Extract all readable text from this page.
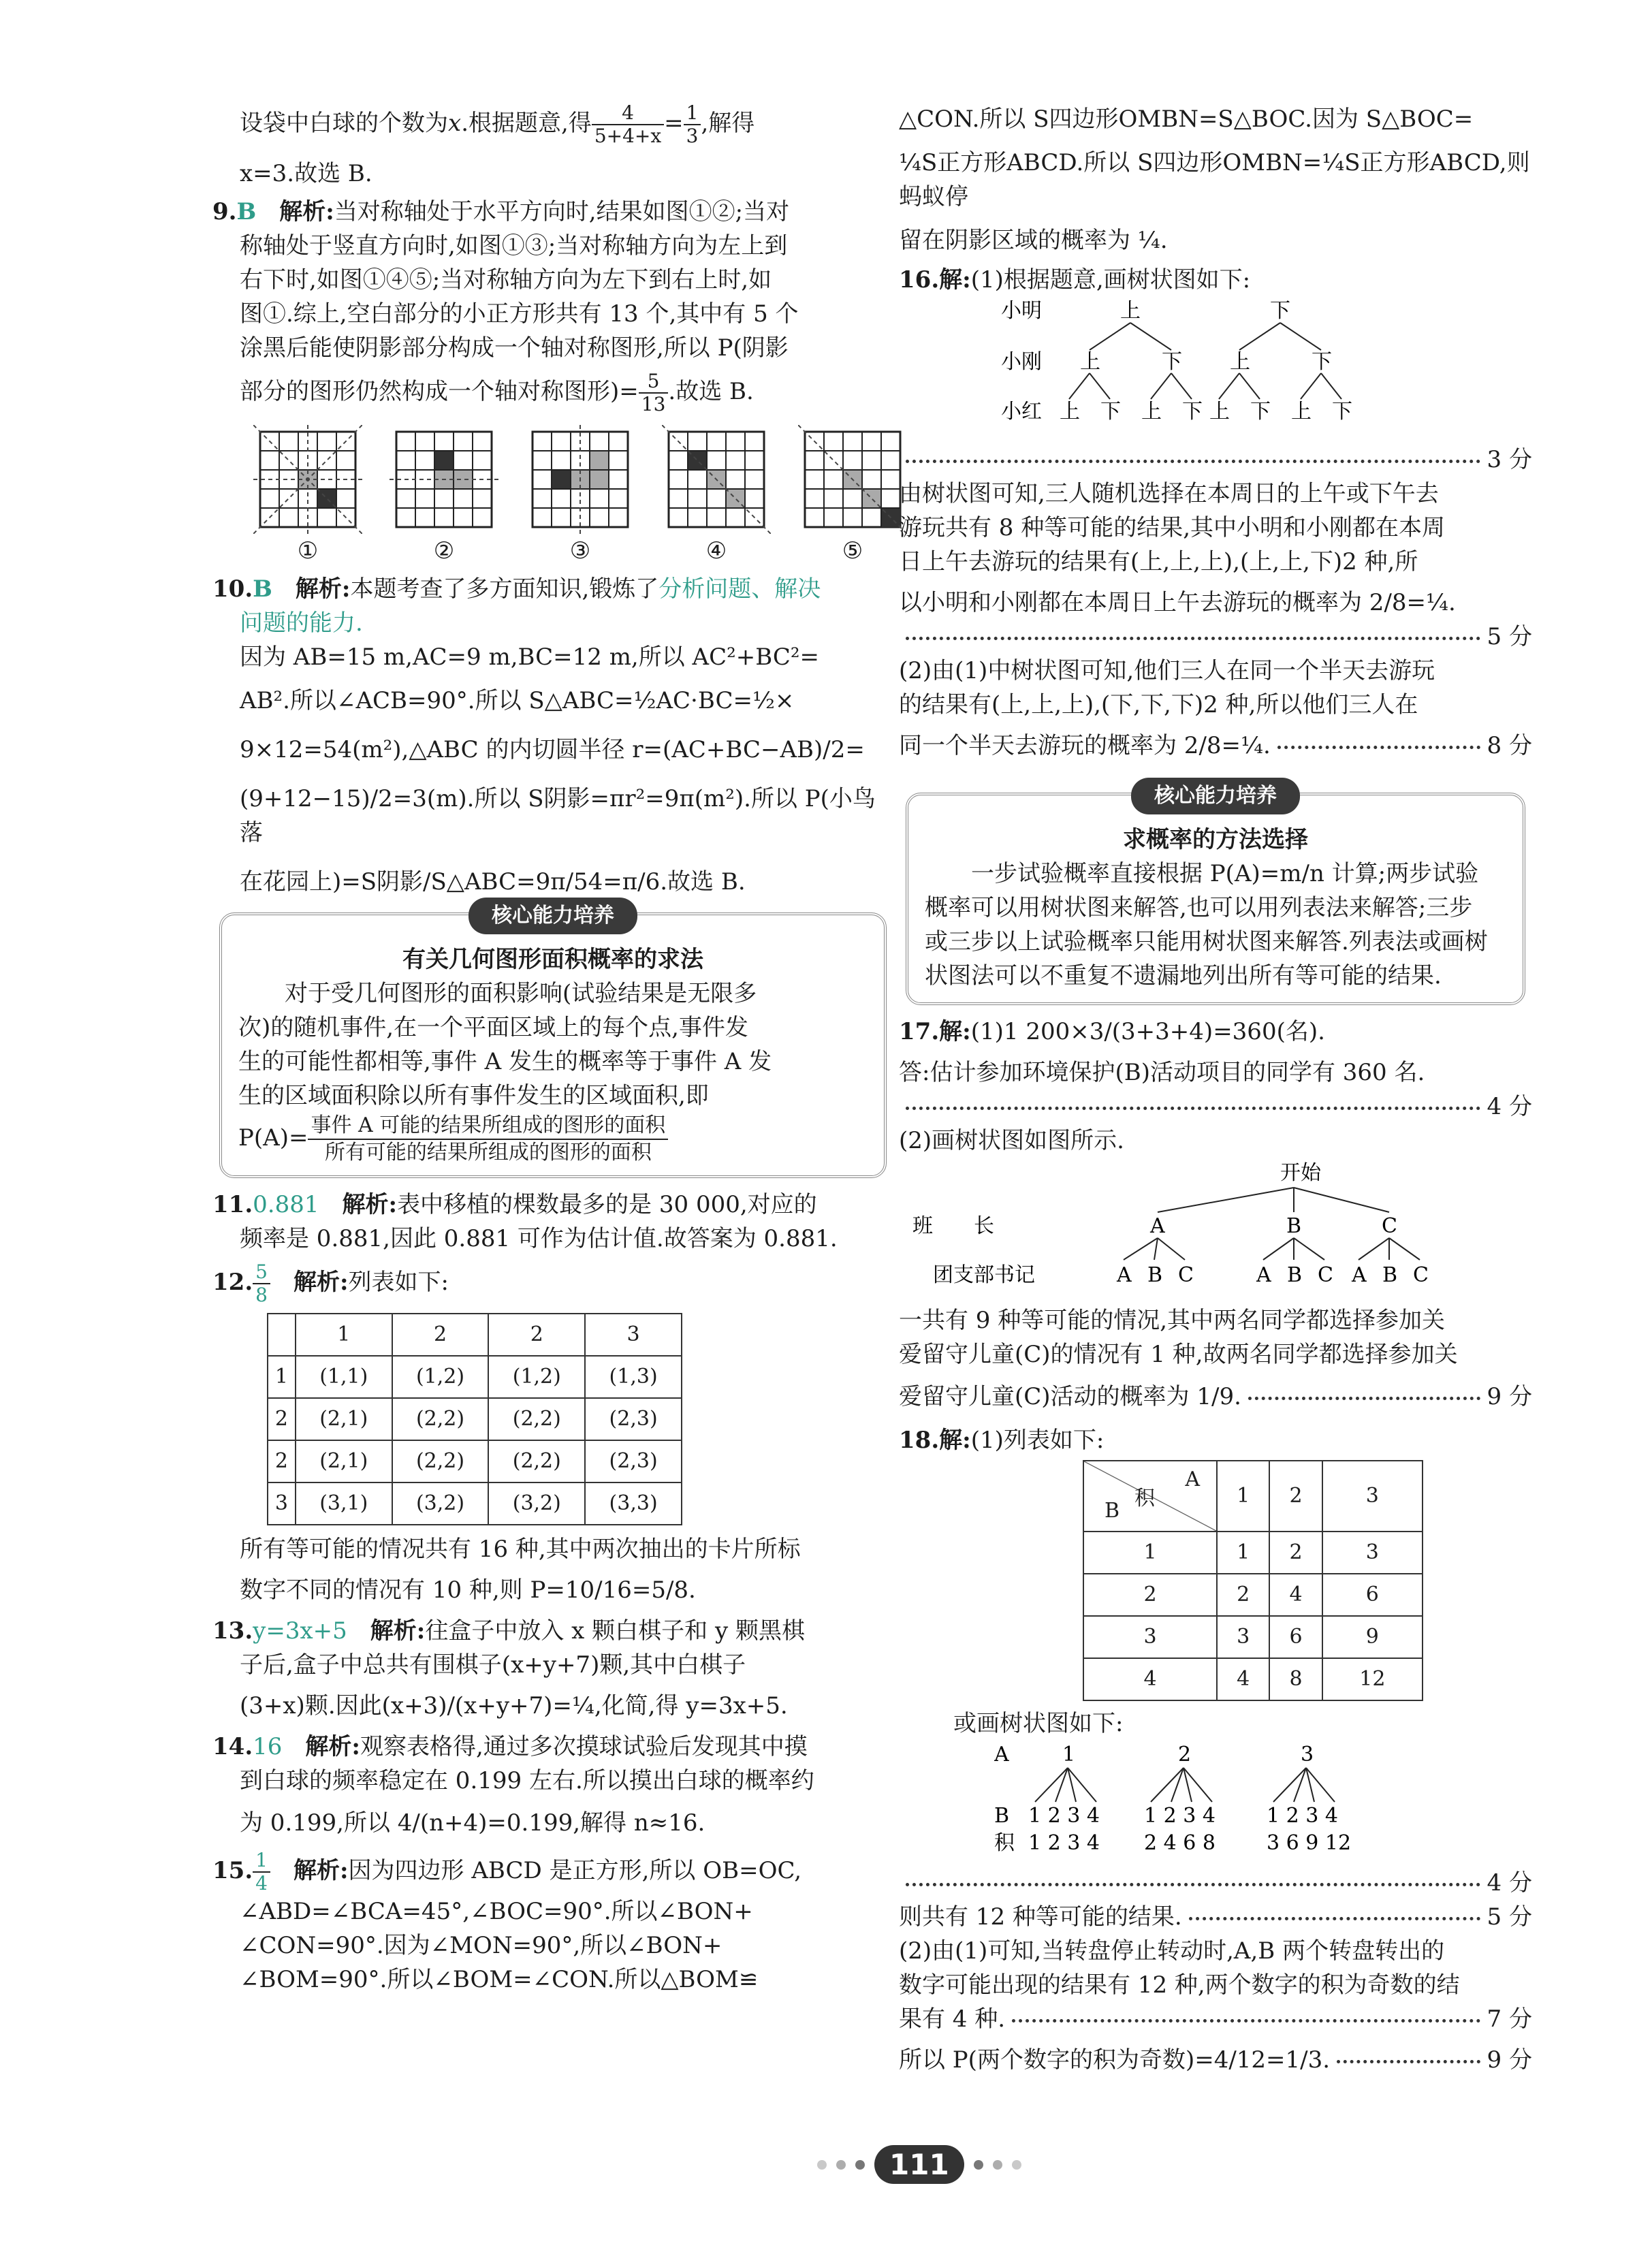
设袋中白球的个数为x.根据题意,得 $\frac{4}{5+4+x} = \frac{1}{3}$ ,解得

x=3.故选 B.

9.B　 解析:当对称轴处于水平方向时,结果如图①②;当对

称轴处于竖直方向时,如图①③;当对称轴方向为左上到

右下时,如图①④⑤;当对称轴方向为左下到右上时,如

图①.综上,空白部分的小正方形共有 13 个,其中有 5 个

涂黑后能使阴影部分构成一个轴对称图形,所以 P(阴影

部分的图形仍然构成一个轴对称图形)= $\frac{5}{13}$ .故选 B.

①	②	③	④	⑤

10.B　 解析:本题考查了多方面知识,锻炼了分析问题、解决

问题的能力.

因为 AB=15 m,AC=9 m,BC=12 m,所以 AC²+BC²=

AB².所以∠ACB=90°.所以 S△ABC=½AC·BC=½×

9×12=54(m²),△ABC 的内切圆半径 r=(AC+BC−AB)/2=

(9+12−15)/2=3(m).所以 S阴影=πr²=9π(m²).所以 P(小鸟落

在花园上)=S阴影/S△ABC=9π/54=π/6.故选 B.

核心能力培养

有关几何图形面积概率的求法

对于受几何图形的面积影响(试验结果是无限多

次)的随机事件,在一个平面区域上的每个点,事件发

生的可能性都相等,事件 A 发生的概率等于事件 A 发

生的区域面积除以所有事件发生的区域面积,即

P(A)= 事件 A 可能的结果所组成的图形的面积
所有可能的结果所组成的图形的面积

11.0.881　 解析:表中移植的棵数最多的是 30 000,对应的

频率是 0.881,因此 0.881 可作为估计值.故答案为 0.881.

12. $\frac{5}{8}$
　 解析:列表如下:

	1	2	2	3
1	(1,1)	(1,2)	(1,2)	(1,3)
2	(2,1)	(2,2)	(2,2)	(2,3)
2	(2,1)	(2,2)	(2,2)	(2,3)
3	(3,1)	(3,2)	(3,2)	(3,3)

所有等可能的情况共有 16 种,其中两次抽出的卡片所标

数字不同的情况有 10 种,则 P=10/16=5/8.

13.y=3x+5　 解析:往盒子中放入 x 颗白棋子和 y 颗黑棋

子后,盒子中总共有围棋子(x+y+7)颗,其中白棋子

(3+x)颗.因此(x+3)/(x+y+7)=¼,化简,得 y=3x+5.

14.16　 解析:观察表格得,通过多次摸球试验后发现其中摸

到白球的频率稳定在 0.199 左右.所以摸出白球的概率约

为 0.199,所以 4/(n+4)=0.199,解得 n≈16.

15. $\frac{1}{4}$
　 解析:因为四边形 ABCD 是正方形,所以 OB=OC,

∠ABD=∠BCA=45°,∠BOC=90°.所以∠BON+

∠CON=90°.因为∠MON=90°,所以∠BON+

∠BOM=90°.所以∠BOM=∠CON.所以△BOM≌

△CON.所以 S四边形OMBN=S△BOC.因为 S△BOC=

¼S正方形ABCD.所以 S四边形OMBN=¼S正方形ABCD,则蚂蚁停

留在阴影区域的概率为 ¼.

16.解:(1)根据题意,画树状图如下:

小明
小刚
小红
上	下
上	下 上	下
上 下 上 下 上 下 上 下
3 分

由树状图可知,三人随机选择在本周日的上午或下午去

游玩共有 8 种等可能的结果,其中小明和小刚都在本周

日上午去游玩的结果有(上,上,上),(上,上,下)2 种,所

以小明和小刚都在本周日上午去游玩的概率为 2/8=¼.

5 分

(2)由(1)中树状图可知,他们三人在同一个半天去游玩

的结果有(上,上,上),(下,下,下)2 种,所以他们三人在

同一个半天去游玩的概率为 2/8=¼.	8 分
核心能力培养

求概率的方法选择

一步试验概率直接根据 P(A)=m/n 计算;两步试验

概率可以用树状图来解答,也可以用列表法来解答;三步

或三步以上试验概率只能用树状图来解答.列表法或画树

状图法可以不重复不遗漏地列出所有等可能的结果.

17.解:(1)1 200×3/(3+3+4)=360(名).

答:估计参加环境保护(B)活动项目的同学有 360 名.

4 分

(2)画树状图如图所示.

开始
班　　长	A	B	C
团支部书记	A B C	A B C A B C

一共有 9 种等可能的情况,其中两名同学都选择参加关

爱留守儿童(C)的情况有 1 种,故两名同学都选择参加关

爱留守儿童(C)活动的概率为 1/9.	9 分

18.解:(1)列表如下:

A
积
B	1	2	3
1	1	2	3
2	2	4	6
3	3	6	9
4	4	8	12

或画树状图如下:

A
B
积
1	2	3
1 2 3 4 1 2 3 4	1 2 3 4
1 2 3 4 2 4 6 8	3 6 9 12
4 分
则共有 12 种等可能的结果.	5 分

(2)由(1)可知,当转盘停止转动时,A,B 两个转盘转出的

数字可能出现的结果有 12 种,两个数字的积为奇数的结

果有 4 种.	7 分
所以 P(两个数字的积为奇数)=4/12=1/3.	9 分
111
